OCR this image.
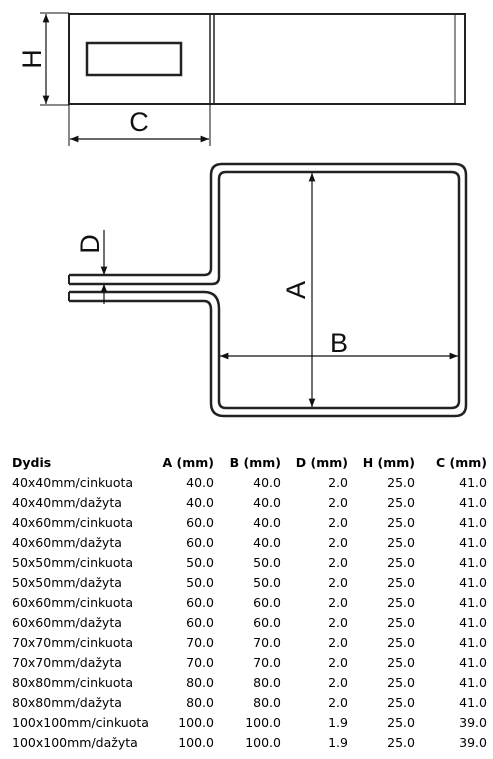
H
C
D
A
B
Dydis	A (mm)	B (mm)	D (mm)	H (mm)	C (mm)
40x40mm/cinkuota	40.0	40.0	2.0	25.0	41.0
40x40mm/dažyta	40.0	40.0	2.0	25.0	41.0
40x60mm/cinkuota	60.0	40.0	2.0	25.0	41.0
40x60mm/dažyta	60.0	40.0	2.0	25.0	41.0
50x50mm/cinkuota	50.0	50.0	2.0	25.0	41.0
50x50mm/dažyta	50.0	50.0	2.0	25.0	41.0
60x60mm/cinkuota	60.0	60.0	2.0	25.0	41.0
60x60mm/dažyta	60.0	60.0	2.0	25.0	41.0
70x70mm/cinkuota	70.0	70.0	2.0	25.0	41.0
70x70mm/dažyta	70.0	70.0	2.0	25.0	41.0
80x80mm/cinkuota	80.0	80.0	2.0	25.0	41.0
80x80mm/dažyta	80.0	80.0	2.0	25.0	41.0
100x100mm/cinkuota	100.0	100.0	1.9	25.0	39.0
100x100mm/dažyta	100.0	100.0	1.9	25.0	39.0
